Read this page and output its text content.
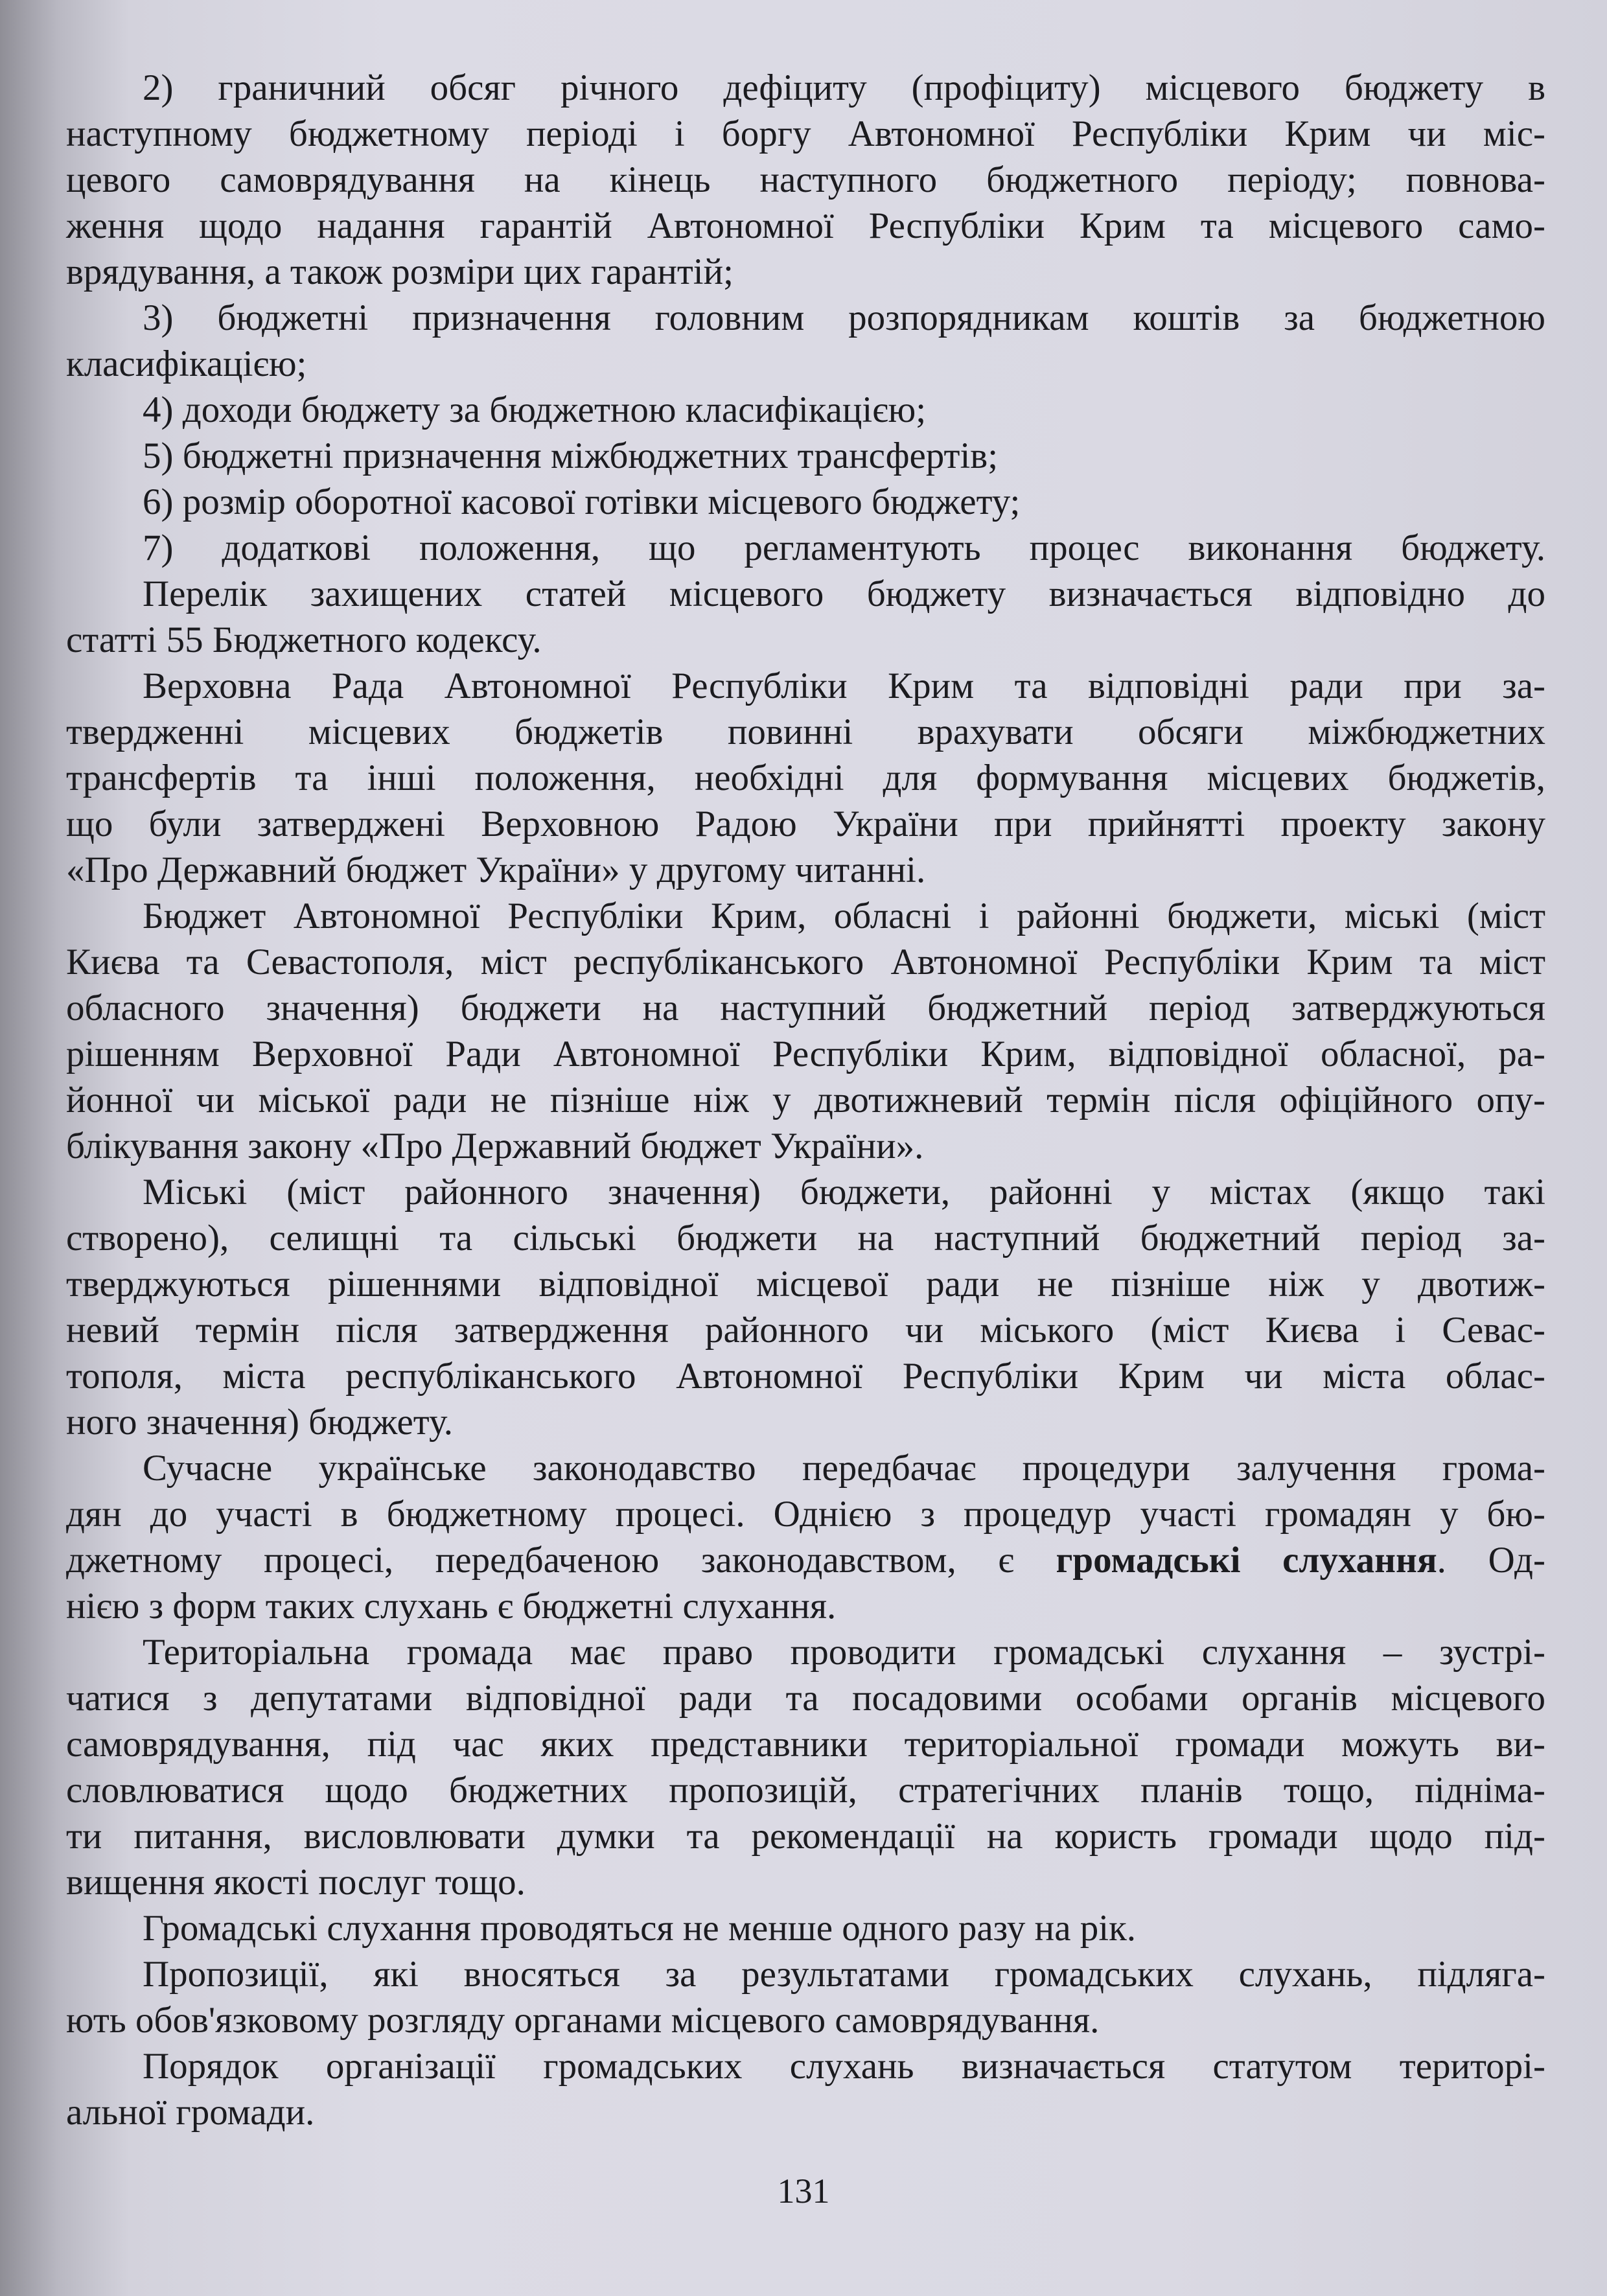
2) граничний обсяг річного дефіциту (профіциту) місцевого бюджету в
наступному бюджетному періоді і боргу Автономної Республіки Крим чи міс-
цевого самоврядування на кінець наступного бюджетного періоду; повнова-
ження щодо надання гарантій Автономної Республіки Крим та місцевого само-
врядування, а також розміри цих гарантій;
3) бюджетні призначення головним розпорядникам коштів за бюджетною
класифікацією;
4) доходи бюджету за бюджетною класифікацією;
5) бюджетні призначення міжбюджетних трансфертів;
6) розмір оборотної касової готівки місцевого бюджету;
7) додаткові положення, що регламентують процес виконання бюджету.
Перелік захищених статей місцевого бюджету визначається відповідно до
статті 55 Бюджетного кодексу.
Верховна Рада Автономної Республіки Крим та відповідні ради при за-
твердженні місцевих бюджетів повинні врахувати обсяги міжбюджетних
трансфертів та інші положення, необхідні для формування місцевих бюджетів,
що були затверджені Верховною Радою України при прийнятті проекту закону
«Про Державний бюджет України» у другому читанні.
Бюджет Автономної Республіки Крим, обласні і районні бюджети, міські (міст
Києва та Севастополя, міст республіканського Автономної Республіки Крим та міст
обласного значення) бюджети на наступний бюджетний період затверджуються
рішенням Верховної Ради Автономної Республіки Крим, відповідної обласної, ра-
йонної чи міської ради не пізніше ніж у двотижневий термін після офіційного опу-
блікування закону «Про Державний бюджет України».
Міські (міст районного значення) бюджети, районні у містах (якщо такі
створено), селищні та сільські бюджети на наступний бюджетний період за-
тверджуються рішеннями відповідної місцевої ради не пізніше ніж у двотиж-
невий термін після затвердження районного чи міського (міст Києва і Севас-
тополя, міста республіканського Автономної Республіки Крим чи міста облас-
ного значення) бюджету.
Сучасне українське законодавство передбачає процедури залучення грома-
дян до участі в бюджетному процесі. Однією з процедур участі громадян у бю-
джетному процесі, передбаченою законодавством, є громадські слухання. Од-
нією з форм таких слухань є бюджетні слухання.
Територіальна громада має право проводити громадські слухання – зустрі-
чатися з депутатами відповідної ради та посадовими особами органів місцевого
самоврядування, під час яких представники територіальної громади можуть ви-
словлюватися щодо бюджетних пропозицій, стратегічних планів тощо, підніма-
ти питання, висловлювати думки та рекомендації на користь громади щодо під-
вищення якості послуг тощо.
Громадські слухання проводяться не менше одного разу на рік.
Пропозиції, які вносяться за результатами громадських слухань, підляга-
ють обов'язковому розгляду органами місцевого самоврядування.
Порядок організації громадських слухань визначається статутом територі-
альної громади.
131
